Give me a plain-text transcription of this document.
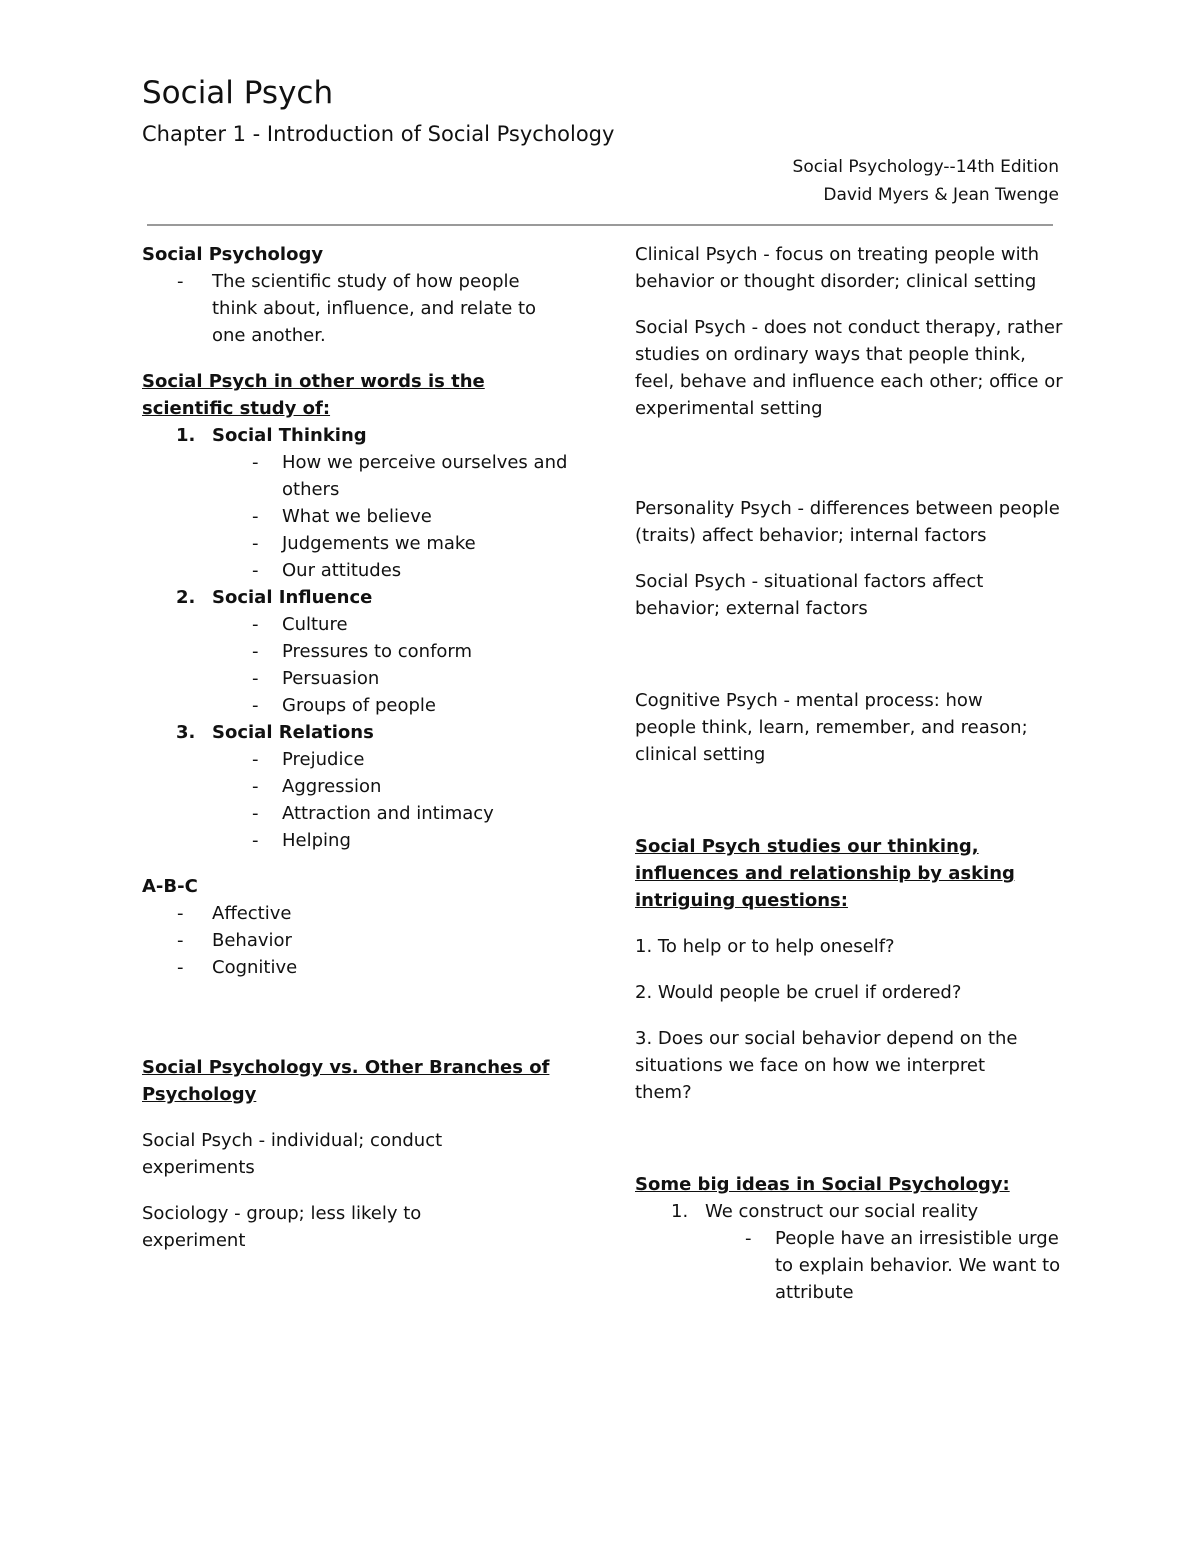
Social Psych
Chapter 1 - Introduction of Social Psychology
Social Psychology--14th Edition
David Myers & Jean Twenge

Social Psychology

- The scientific study of how people think about, influence, and relate to one another.

Social Psych in other words is the scientific study of:

1. Social Thinking
- How we perceive ourselves and others
- What we believe
- Judgements we make
- Our attitudes
2. Social Influence
- Culture
- Pressures to conform
- Persuasion
- Groups of people
3. Social Relations
- Prejudice
- Aggression
- Attraction and intimacy
- Helping

A-B-C

- Affective
- Behavior
- Cognitive

Social Psychology vs. Other Branches of Psychology

Social Psych - individual; conduct experiments

Sociology - group; less likely to experiment

Clinical Psych - focus on treating people with behavior or thought disorder; clinical setting

Social Psych - does not conduct therapy, rather studies on ordinary ways that people think, feel, behave and influence each other; office or experimental setting

Personality Psych - differences between people (traits) affect behavior; internal factors

Social Psych - situational factors affect behavior; external factors

Cognitive Psych - mental process: how people think, learn, remember, and reason; clinical setting

Social Psych studies our thinking, influences and relationship by asking intriguing questions:

1. To help or to help oneself?

2. Would people be cruel if ordered?

3. Does our social behavior depend on the situations we face on how we interpret them?

Some big ideas in Social Psychology:

1. We construct our social reality
- People have an irresistible urge to explain behavior. We want to attribute
